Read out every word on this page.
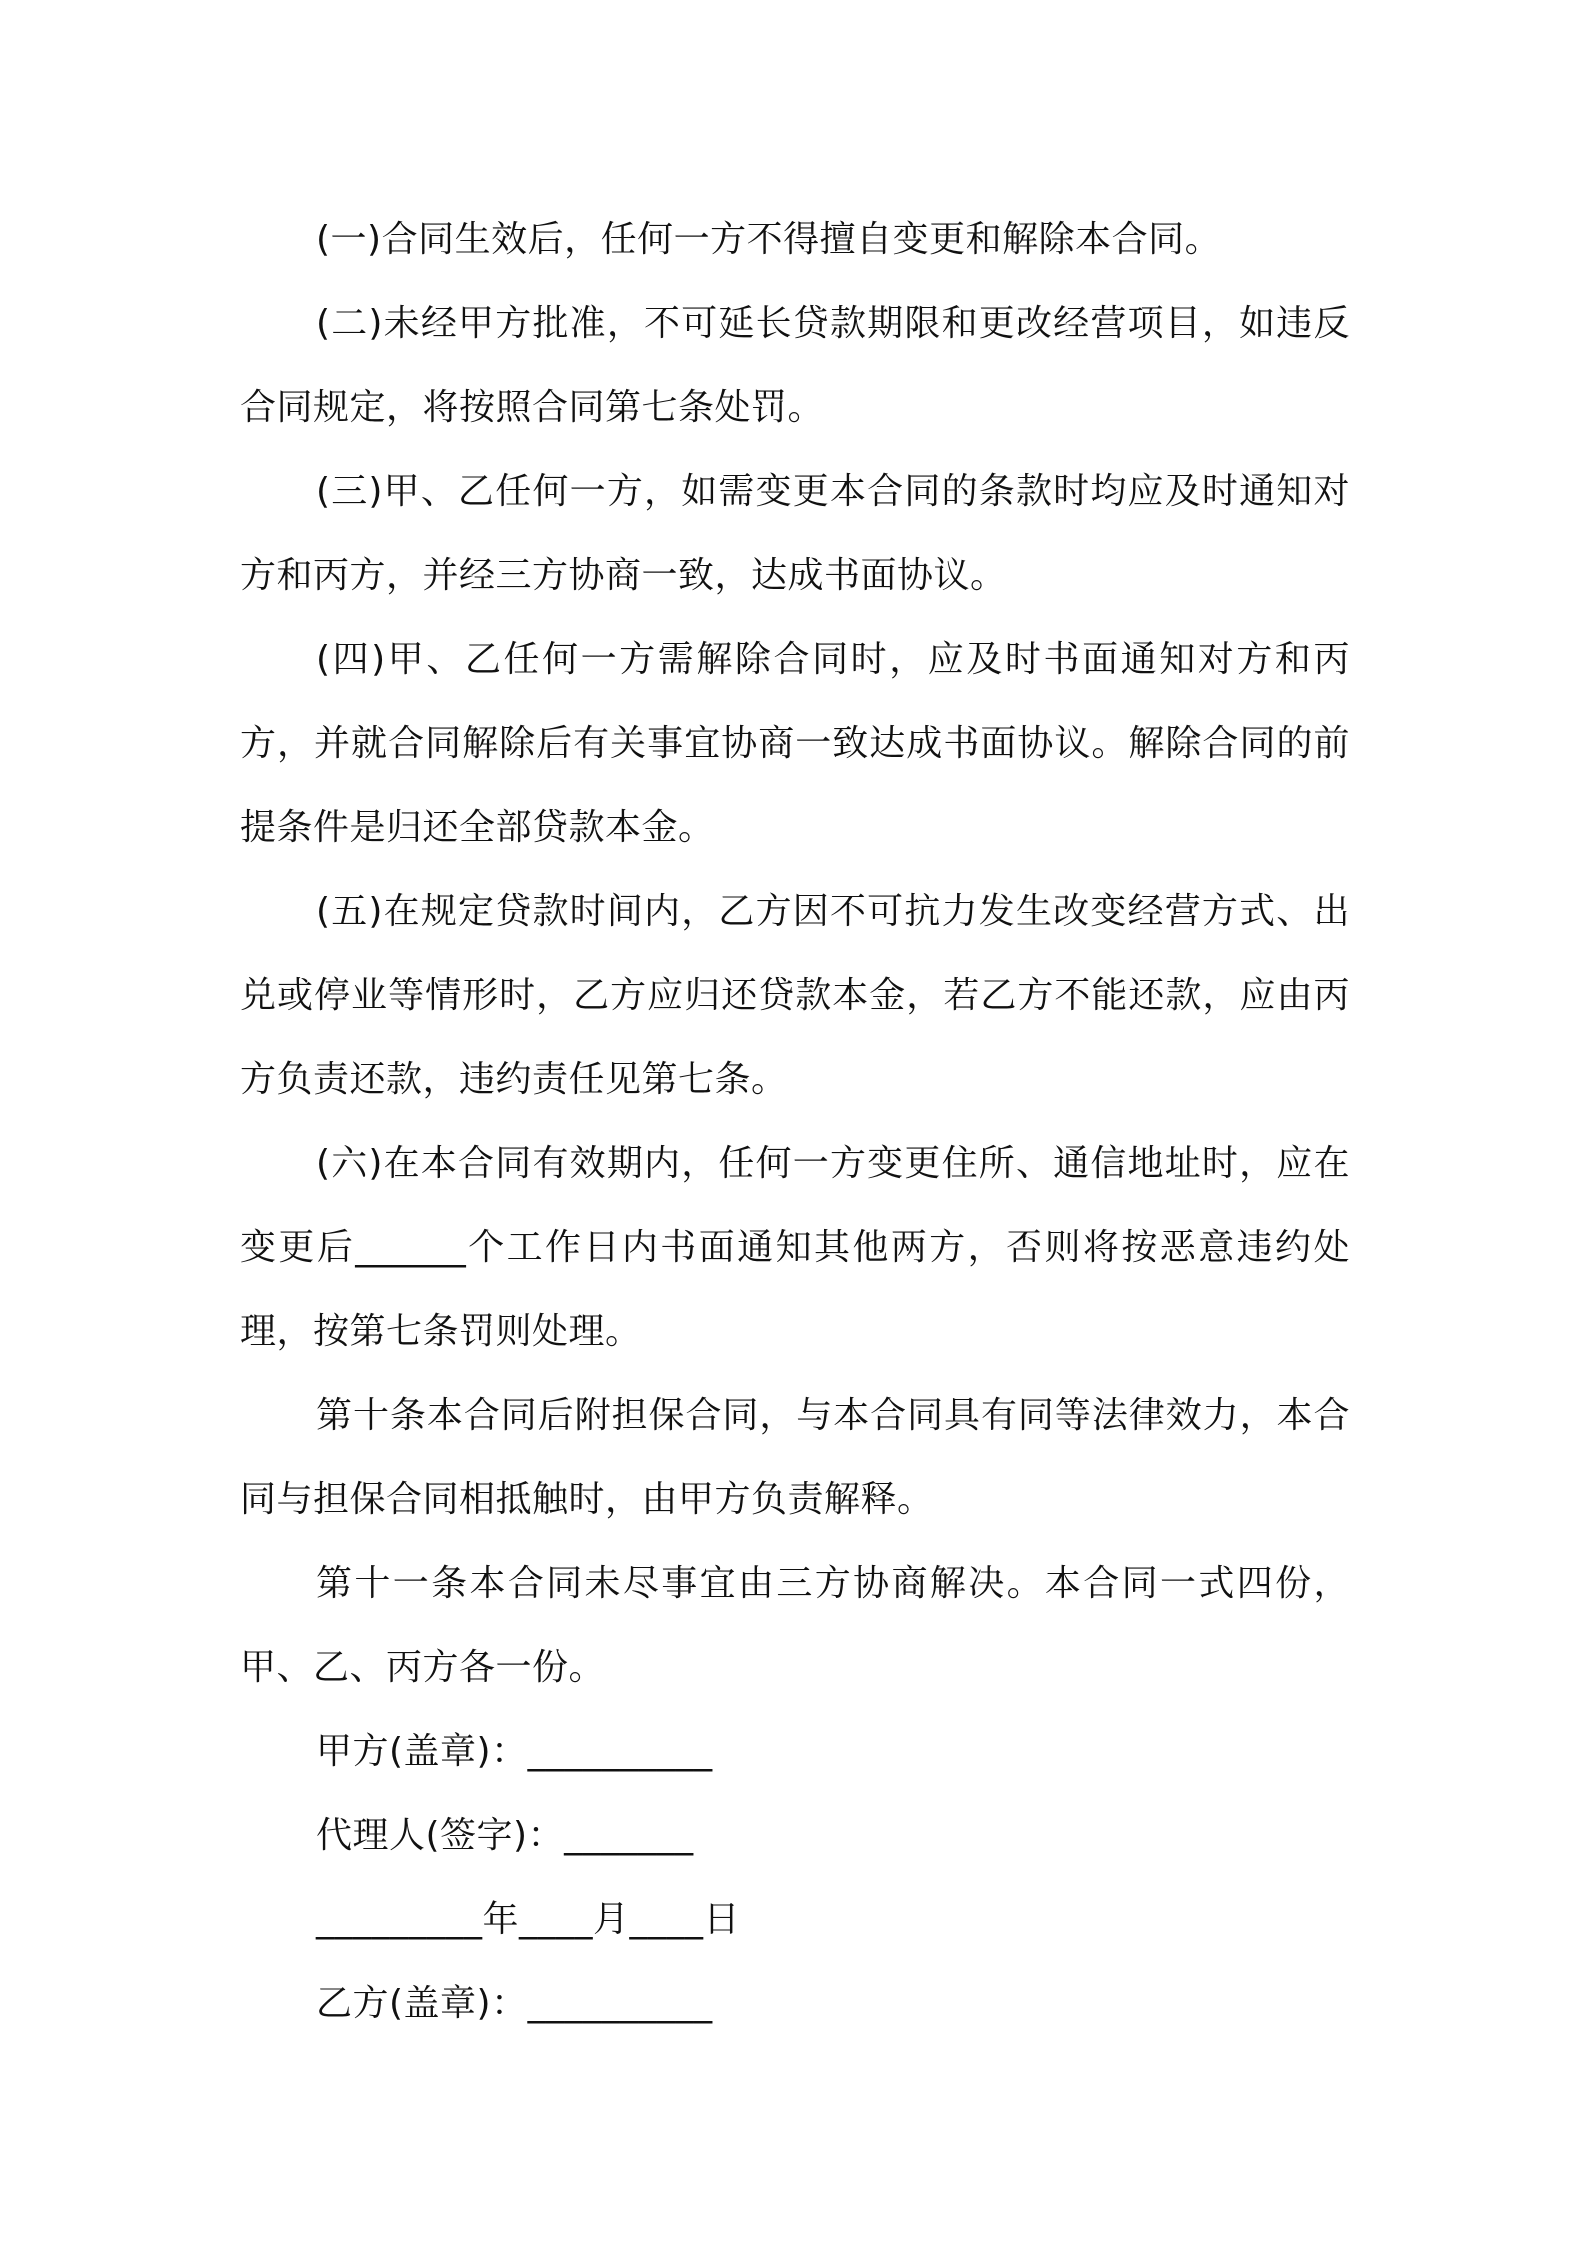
(一)合同生效后，任何一方不得擅自变更和解除本合同。

(二)未经甲方批准，不可延长贷款期限和更改经营项目，如违反合同规定，将按照合同第七条处罚。

(三)甲、乙任何一方，如需变更本合同的条款时均应及时通知对方和丙方，并经三方协商一致，达成书面协议。

(四)甲、乙任何一方需解除合同时，应及时书面通知对方和丙方，并就合同解除后有关事宜协商一致达成书面协议。解除合同的前提条件是归还全部贷款本金。

(五)在规定贷款时间内，乙方因不可抗力发生改变经营方式、出兑或停业等情形时，乙方应归还贷款本金，若乙方不能还款，应由丙方负责还款，违约责任见第七条。

(六)在本合同有效期内，任何一方变更住所、通信地址时，应在变更后______个工作日内书面通知其他两方，否则将按恶意违约处理，按第七条罚则处理。

第十条本合同后附担保合同，与本合同具有同等法律效力，本合同与担保合同相抵触时，由甲方负责解释。

第十一条本合同未尽事宜由三方协商解决。本合同一式四份，甲、乙、丙方各一份。

甲方(盖章)：__________

代理人(签字)：_______

_________年____月____日

乙方(盖章)：__________
